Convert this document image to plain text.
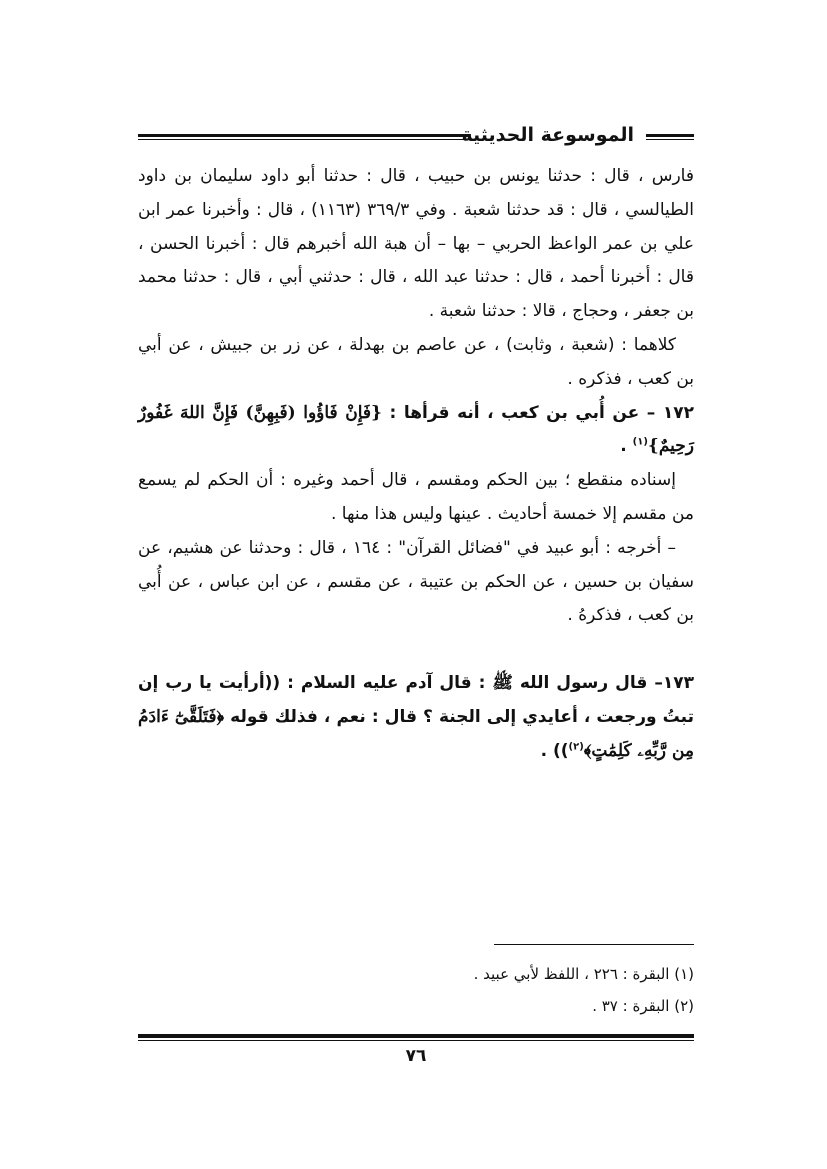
الموسوعة الحديثية

فارس ، قال : حدثنا يونس بن حبيب ، قال : حدثنا أبو داود سليمان بن داود الطيالسي ، قال : قد حدثنا شعبة . وفي ٣٦٩/٣ (١١٦٣) ، قال : وأخبرنا عمر ابن علي بن عمر الواعظ الحربي – بها – أن هبة الله أخبرهم قال : أخبرنا الحسن ، قال : أخبرنا أحمد ، قال : حدثنا عبد الله ، قال : حدثني أبي ، قال : حدثنا محمد بن جعفر ، وحجاج ، قالا : حدثنا شعبة .

كلاهما : (شعبة ، وثابت) ، عن عاصم بن بهدلة ، عن زر بن جبيش ، عن أبي بن كعب ، فذكره .

١٧٢ – عن أُبي بن كعب ، أنه قرأها : {فَإِنْ فَاؤُوا (فَبِهِنَّ) فَإِنَّ اللهَ غَفُورٌ رَحِيمٌ}$^{(١)}$ .

إسناده منقطع ؛ بين الحكم ومقسم ، قال أحمد وغيره : أن الحكم لم يسمع من مقسم إلا خمسة أحاديث . عينها وليس هذا منها .

– أخرجه : أبو عبيد في "فضائل القرآن" : ١٦٤ ، قال : وحدثنا عن هشيم، عن سفيان بن حسين ، عن الحكم بن عتيبة ، عن مقسم ، عن ابن عباس ، عن أُبي بن كعب ، فذكرهُ .

١٧٣– قال رسول الله ﷺ : قال آدم عليه السلام : ((أرأيت يا رب إن تبتُ ورجعت ، أعايدي إلى الجنة ؟ قال : نعم ، فذلك قوله ﴿فَتَلَقَّىٰٓ ءَادَمُ مِن رَّبِّهِۦ كَلِمَٰتٍ﴾$^{(٢)}$)) .

(١) البقرة : ٢٢٦ ، اللفظ لأبي عبيد .

(٢) البقرة : ٣٧ .

٧٦
